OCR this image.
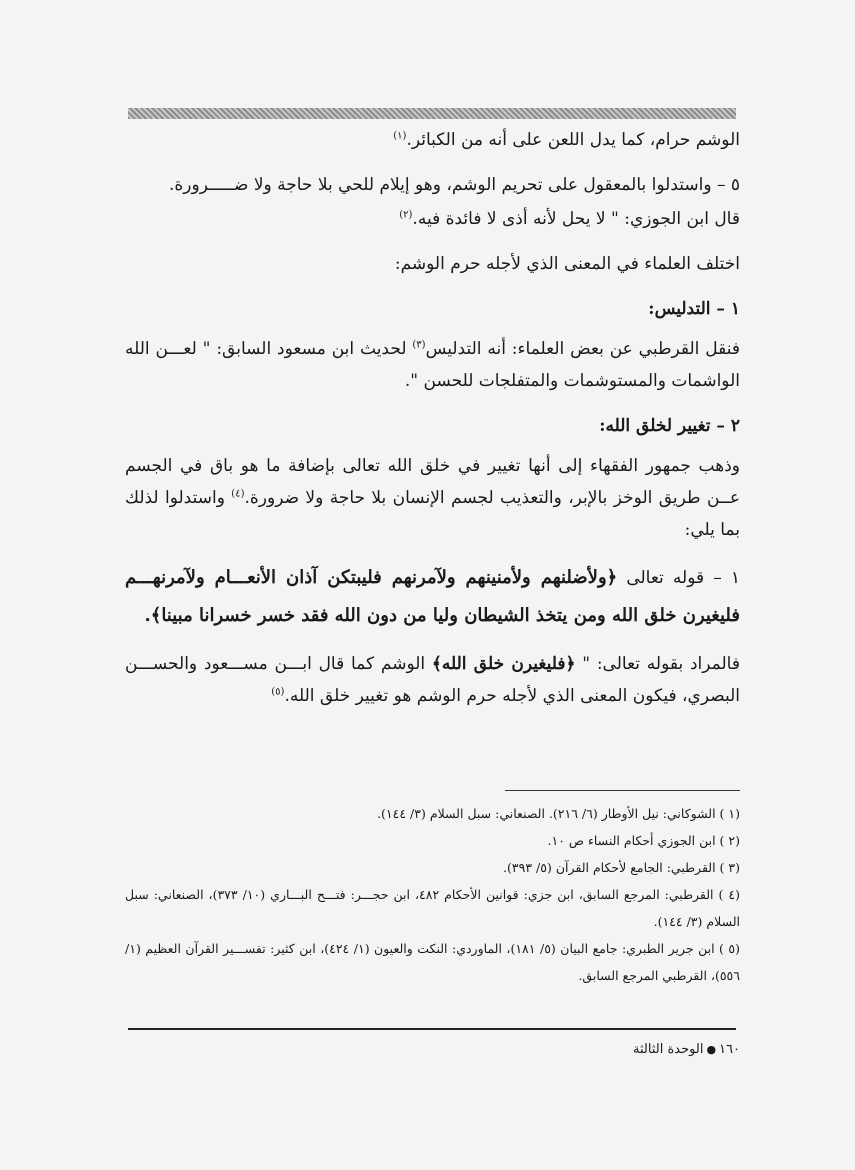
الوشم حرام، كما يدل اللعن على أنه من الكبائر.$^{(١)}$

٥ – واستدلوا بالمعقول على تحريم الوشم، وهو إيلام للحي بلا حاجة ولا ضـــــرورة.

قال ابن الجوزي: " لا يحل لأنه أذى لا فائدة فيه.$^{(٢)}$

اختلف العلماء في المعنى الذي لأجله حرم الوشم:

١ – التدليس:

فنقل القرطبي عن بعض العلماء: أنه التدليس$^{(٣)}$ لحديث ابن مسعود السابق: " لعـــن الله الواشمات والمستوشمات والمتفلجات للحسن ".

٢ – تغيير لخلق الله:

وذهب جمهور الفقهاء إلى أنها تغيير في خلق الله تعالى بإضافة ما هو باق في الجسم عــن طريق الوخز بالإبر، والتعذيب لجسم الإنسان بلا حاجة ولا ضرورة.$^{(٤)}$ واستدلوا لذلك بما يلي:

١ – قوله تعالى ﴿ولأضلنهم ولأمنينهم ولآمرنهم فليبتكن آذان الأنعـــام ولآمرنهـــم فليغيرن خلق الله ومن يتخذ الشيطان وليا من دون الله فقد خسر خسرانا مبينا﴾.

فالمراد بقوله تعالى: " ﴿فليغيرن خلق الله﴾ الوشم كما قال ابـــن مســـعود والحســـن البصري، فيكون المعنى الذي لأجله حرم الوشم هو تغيير خلق الله.$^{(٥)}$

(١ ) الشوكاني: نيل الأوطار (٦/ ٢١٦). الصنعاني: سبل السلام (٣/ ١٤٤).

(٢ ) ابن الجوزي أحكام النساء ص ١٠.

(٣ ) القرطبي: الجامع لأحكام القرآن (٥/ ٣٩٣).

(٤ ) القرطبي: المرجع السابق، ابن جزي: قوانين الأحكام ٤٨٢، ابن حجـــر: فتـــح البـــاري (١٠/ ٣٧٣)، الصنعاني: سبل السلام (٣/ ١٤٤).

(٥ ) ابن جرير الطبري: جامع البيان (٥/ ١٨١)، الماوردي: النكت والعيون (١/ ٤٢٤)، ابن كثير: تفســـير القرآن العظيم (١/ ٥٥٦)، القرطبي المرجع السابق.

١٦٠●الوحدة الثالثة
